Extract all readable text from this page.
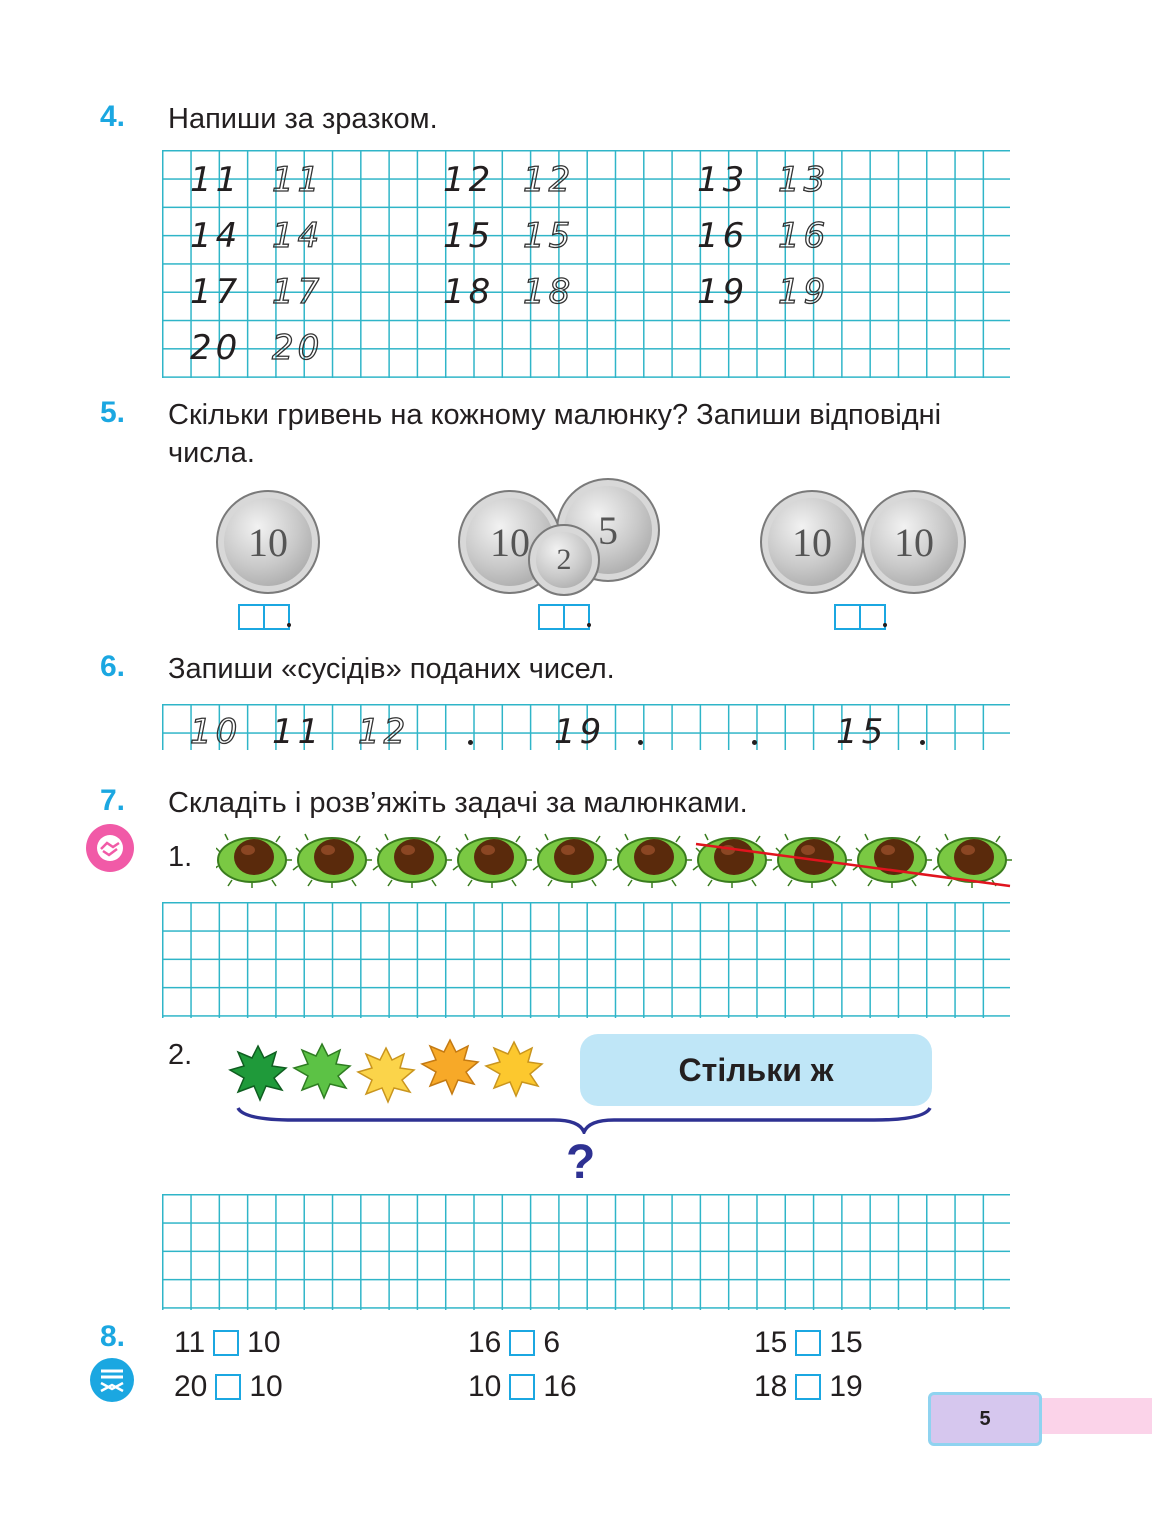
4. Напиши за зразком.
11 11	12 12	13 13
14 14	15 15	16 16
17 17	18 18	19 19
20 20
5. Скільки гривень на кожному малюнку? Запиши відповідні
числа.
10	5
10 2	10 10
6. Запиши «сусідів» поданих чисел.
10 11 12	19	15
7. Складіть і розв’яжіть задачі за малюнками.
1.
2.	Стільки ж
?
8. 11 10	16 6	15 15
20 10	10 16	18 19
5
